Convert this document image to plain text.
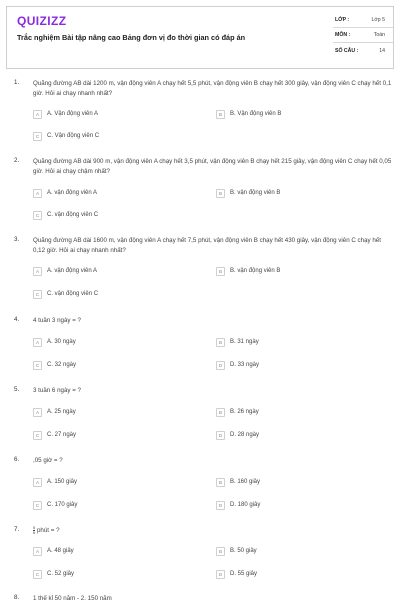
QUIZIZZ
Trắc nghiệm Bài tập nâng cao Bảng đơn vị đo thời gian có đáp án
LỚP :	Lớp 5
MÔN :	Toán
SỐ CÂU :	14
1. Quãng đường AB dài 1200 m, vận động viên A chạy hết 5,5 phút, vận động viên B chạy hết 300 giây, vận động viên C chạy hết 0,1 giờ. Hỏi ai chạy nhanh nhất?
A	A. Vận động viên A	B	B. Vận động viên B
C	C. Vận động viên C
2. Quãng đường AB dài 900 m, vận động viên A chạy hết 3,5 phút, vận động viên B chạy hết 215 giây, vận động viên C chạy hết 0,05 giờ. Hỏi ai chạy chậm nhất?
A	A. vận động viên A	B	B. vận động viên B
C	C. vận động viên C
3. Quãng đường AB dài 1600 m, vận động viên A chạy hết 7,5 phút, vận động viên B chạy hết 430 giây, vận động viên C chạy hết 0,12 giờ. Hỏi ai chạy nhanh nhất?
A	A. vận động viên A	B	B. vận động viên B
C	C. vận động viên C
4. 4 tuần 3 ngày = ?
A	A. 30 ngày	B	B. 31 ngày
C	C. 32 ngày	D	D. 33 ngày
5. 3 tuần 6 ngày = ?
A	A. 25 ngày	B	B. 26 ngày
C	C. 27 ngày	D	D. 28 ngày
6. ,05 giờ = ?
A	A. 150 giây	B	B. 160 giây
C	C. 170 giây	D	D. 180 giây
7.	$\frac{5}{6}$ phút = ?
A	A. 48 giây	B	B. 50 giây
C	C. 52 giây	D	D. 55 giây
8. 1 thế kỉ 50 năm - 2. 150 năm
